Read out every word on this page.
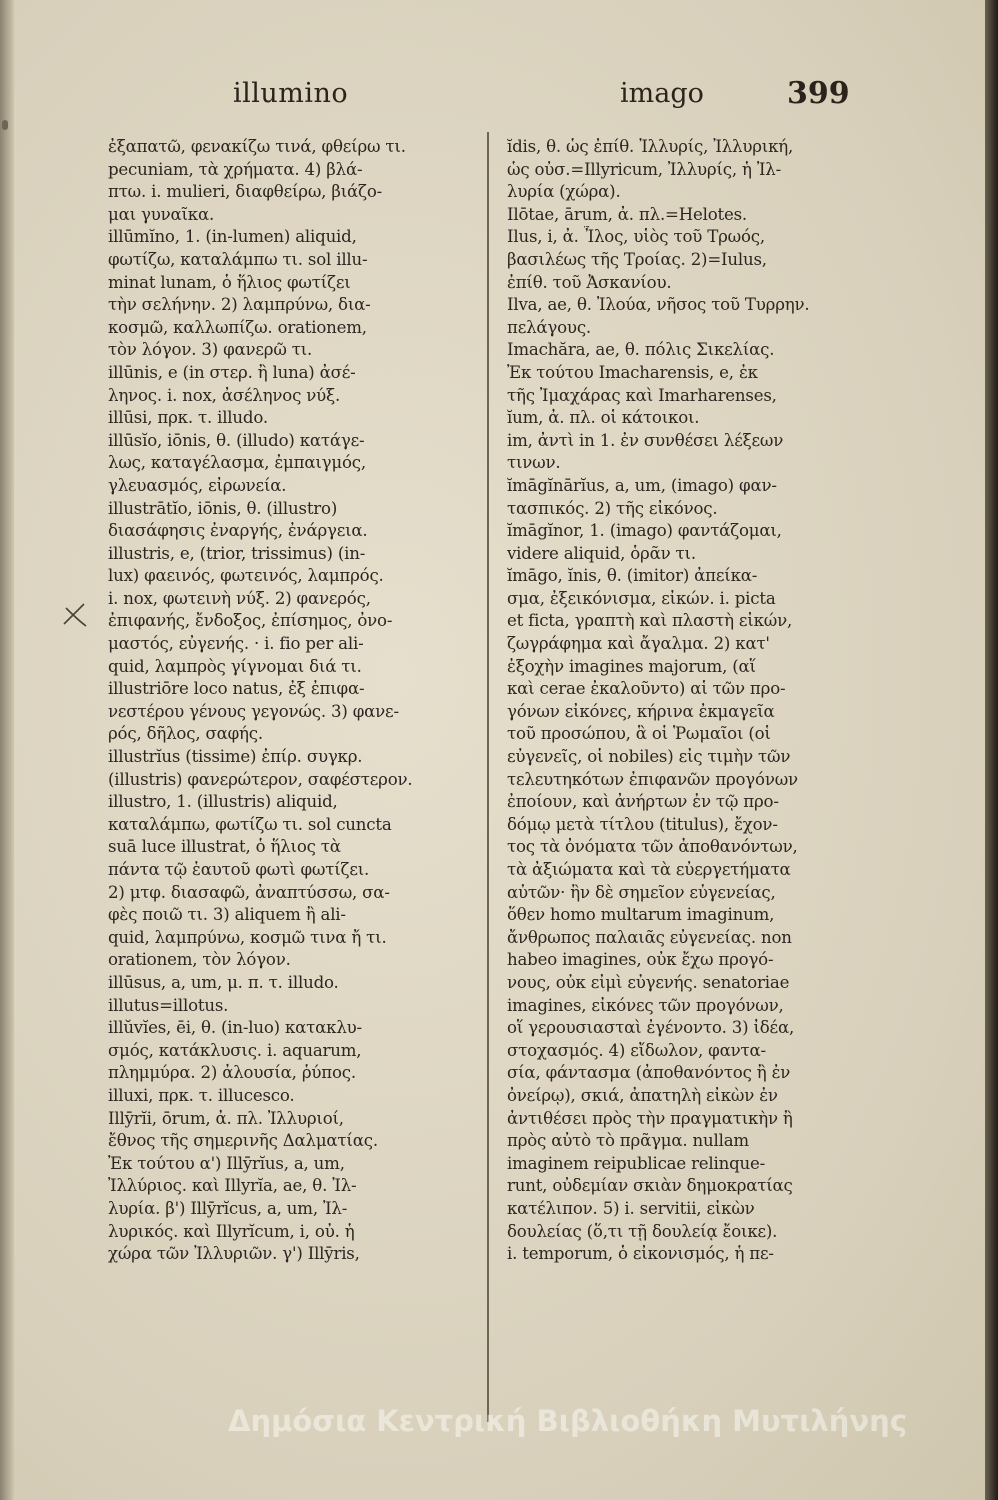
illumino	imago	399
ἐξαπατῶ, φενακίζω τινά, φθείρω τι.
pecuniam, τὰ χρήματα. 4) βλά-
πτω. i. mulieri, διαφθείρω, βιάζο-
μαι γυναῖκα.
illūmĭno, 1. (in-lumen) aliquid,
φωτίζω, καταλάμπω τι. sol illu-
minat lunam, ὁ ἥλιος φωτίζει
τὴν σελήνην. 2) λαμπρύνω, δια-
κοσμῶ, καλλωπίζω. orationem,
τὸν λόγον. 3) φανερῶ τι.
illūnis, e (in στερ. ἢ luna) ἀσέ-
ληνος. i. nox, ἀσέληνος νύξ.
illūsi, πρκ. τ. illudo.
illūsĭo, iōnis, θ. (illudo) κατάγε-
λως, καταγέλασμα, ἐμπαιγμός,
γλευασμός, εἰρωνεία.
illustrātĭo, iōnis, θ. (illustro)
διασάφησις ἐναργής, ἐνάργεια.
illustris, e, (trior, trissimus) (in-
lux) φαεινός, φωτεινός, λαμπρός.
i. nox, φωτεινὴ νύξ. 2) φανερός,
ἐπιφανής, ἔνδοξος, ἐπίσημος, ὀνο-
μαστός, εὐγενής. · i. fio per ali-
quid, λαμπρὸς γίγνομαι διά τι.
illustriōre loco natus, ἐξ ἐπιφα-
νεστέρου γένους γεγονώς. 3) φανε-
ρός, δῆλος, σαφής.
illustrĭus (tissime) ἐπίρ. συγκρ.
(illustris) φανερώτερον, σαφέστερον.
illustro, 1. (illustris) aliquid,
καταλάμπω, φωτίζω τι. sol cuncta
suā luce illustrat, ὁ ἥλιος τὰ
πάντα τῷ ἑαυτοῦ φωτὶ φωτίζει.
2) μτφ. διασαφῶ, ἀναπτύσσω, σα-
φὲς ποιῶ τι. 3) aliquem ἢ ali-
quid, λαμπρύνω, κοσμῶ τινα ἤ τι.
orationem, τὸν λόγον.
illūsus, a, um, μ. π. τ. illudo.
illutus=illotus.
illŭvĭes, ēi, θ. (in-luo) κατακλυ-
σμός, κατάκλυσις. i. aquarum,
πλημμύρα. 2) ἀλουσία, ῥύπος.
illuxi, πρκ. τ. illucesco.
Illȳrĭi, ōrum, ἀ. πλ. Ἰλλυριοί,
ἔθνος τῆς σημερινῆς Δαλματίας.
Ἐκ τούτου α') Illȳrĭus, a, um,
Ἰλλύριος. καὶ Illyrĭa, ae, θ. Ἰλ-
λυρία. β') Illȳrĭcus, a, um, Ἰλ-
λυρικός. καὶ Illyrĭcum, i, οὐ. ἡ
χώρα τῶν Ἰλλυριῶν. γ') Illȳris,
ĭdis, θ. ὡς ἐπίθ. Ἰλλυρίς, Ἰλλυρική,
ὡς οὐσ.=Illyricum, Ἰλλυρίς, ἡ Ἰλ-
λυρία (χώρα).
Ilōtae, ārum, ἀ. πλ.=Helotes.
Ilus, i, ἀ. Ἶλος, υἱὸς τοῦ Τρωός,
βασιλέως τῆς Τροίας. 2)=Iulus,
ἐπίθ. τοῦ Ἀσκανίου.
Ilva, ae, θ. Ἰλούα, νῆσος τοῦ Τυρρην.
πελάγους.
Imachăra, ae, θ. πόλις Σικελίας.
Ἐκ τούτου Imacharensis, e, ἐκ
τῆς Ἰμαχάρας καὶ Imarharenses,
ĭum, ἀ. πλ. οἱ κάτοικοι.
im, ἀντὶ in 1. ἐν συνθέσει λέξεων
τινων.
ĭmāgĭnārĭus, a, um, (imago) φαν-
τασπικός. 2) τῆς εἰκόνος.
ĭmāgĭnor, 1. (imago) φαντάζομαι,
videre aliquid, ὁρᾶν τι.
ĭmāgo, ĭnis, θ. (imitor) ἀπείκα-
σμα, ἐξεικόνισμα, εἰκών. i. picta
et ficta, γραπτὴ καὶ πλαστὴ εἰκών,
ζωγράφημα καὶ ἄγαλμα. 2) κατ'
ἐξοχὴν imagines majorum, (αἵ
καὶ cerae ἐκαλοῦντο) αἱ τῶν προ-
γόνων εἰκόνες, κήρινα ἐκμαγεῖα
τοῦ προσώπου, ἃ οἱ Ῥωμαῖοι (οἱ
εὐγενεῖς, οἱ nobiles) εἰς τιμὴν τῶν
τελευτηκότων ἐπιφανῶν προγόνων
ἐποίουν, καὶ ἀνήρτων ἐν τῷ προ-
δόμῳ μετὰ τίτλου (titulus), ἔχον-
τος τὰ ὀνόματα τῶν ἀποθανόντων,
τὰ ἀξιώματα καὶ τὰ εὐεργετήματα
αὐτῶν· ἣν δὲ σημεῖον εὐγενείας,
ὅθεν homo multarum imaginum,
ἄνθρωπος παλαιᾶς εὐγενείας. non
habeo imagines, οὐκ ἔχω προγό-
νους, οὐκ εἰμὶ εὐγενής. senatoriae
imagines, εἰκόνες τῶν προγόνων,
οἵ γερουσιασταὶ ἐγένοντο. 3) ἰδέα,
στοχασμός. 4) εἴδωλον, φαντα-
σία, φάντασμα (ἀποθανόντος ἢ ἐν
ὀνείρῳ), σκιά, ἀπατηλὴ εἰκὼν ἐν
ἀντιθέσει πρὸς τὴν πραγματικὴν ἢ
πρὸς αὐτὸ τὸ πρᾶγμα. nullam
imaginem reipublicae relinque-
runt, οὐδεμίαν σκιὰν δημοκρατίας
κατέλιπον. 5) i. servitii, εἰκὼν
δουλείας (ὅ,τι τῇ δουλείᾳ ἔοικε).
i. temporum, ὁ εἰκονισμός, ἡ πε-
Δημόσια Κεντρική Βιβλιοθήκη Μυτιλήνης
